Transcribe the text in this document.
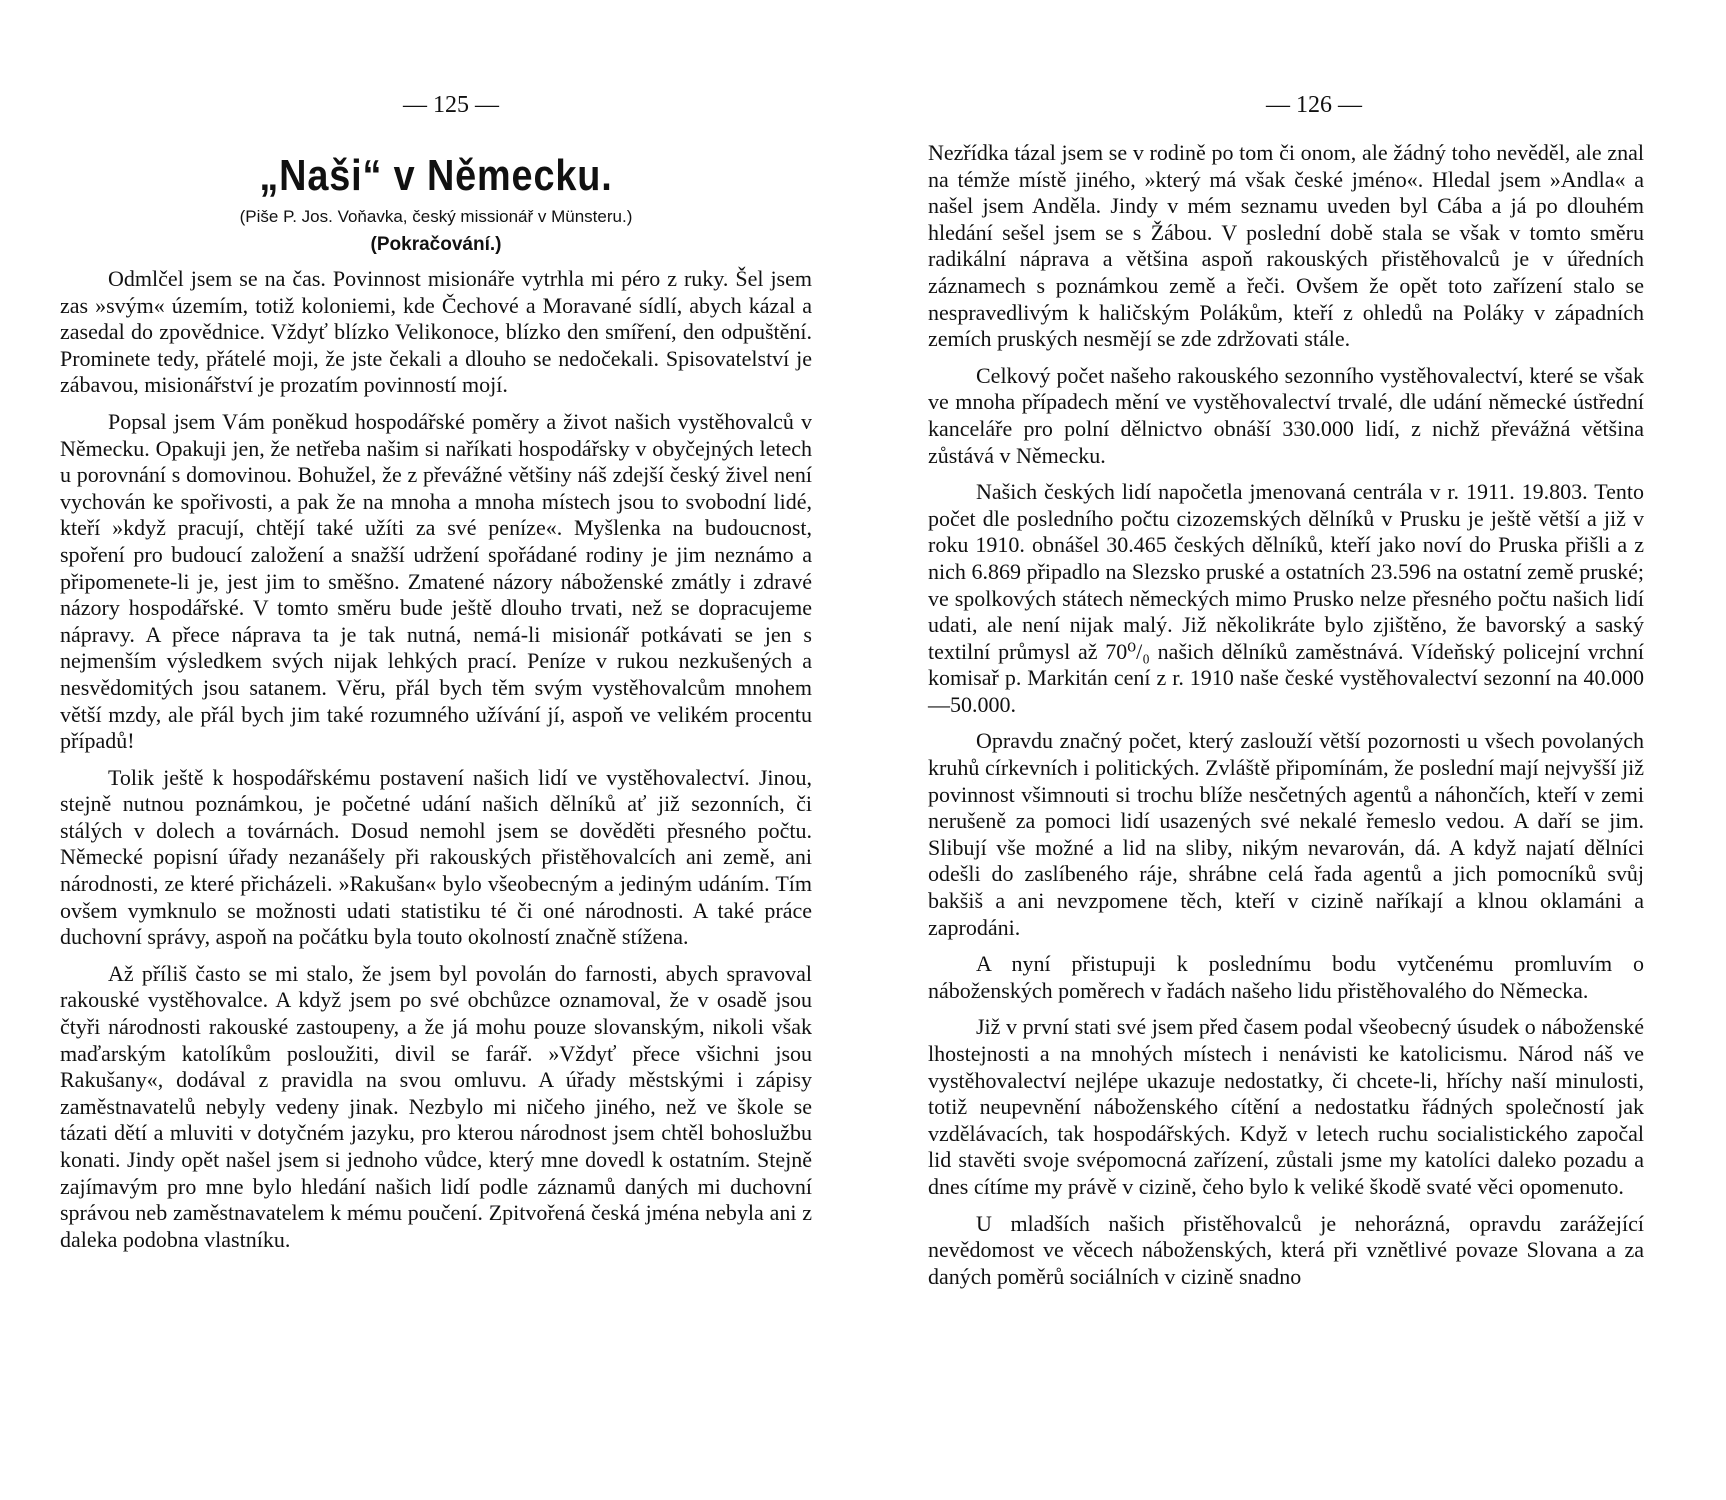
— 125 —
„Naši“ v Německu.
(Piše P. Jos. Voňavka, český missionář v Münsteru.)
(Pokračování.)

Odmlčel jsem se na čas. Povinnost misionáře vytrhla mi péro z ruky. Šel jsem zas »svým« územím, totiž koloniemi, kde Čechové a Moravané sídlí, abych kázal a zasedal do zpovědnice. Vždyť blízko Velikonoce, blízko den smíření, den odpuštění. Prominete tedy, přátelé moji, že jste čekali a dlouho se nedočekali. Spisovatelství je zábavou, misionářství je prozatím povinností mojí.

Popsal jsem Vám poněkud hospodářské poměry a život našich vystěhovalců v Německu. Opakuji jen, že netřeba našim si naříkati hospodářsky v obyčejných letech u porovnání s domovinou. Bohužel, že z převážné většiny náš zdejší český živel není vychován ke spořivosti, a pak že na mnoha a mnoha místech jsou to svobodní lidé, kteří »když pracují, chtějí také užíti za své peníze«. Myšlenka na budoucnost, spoření pro budoucí založení a snažší udržení spořádané rodiny je jim neznámo a připomenete-li je, jest jim to směšno. Zmatené názory náboženské zmátly i zdravé názory hospodářské. V tomto směru bude ještě dlouho trvati, než se dopracujeme nápravy. A přece náprava ta je tak nutná, nemá-li misionář potkávati se jen s nejmenším výsledkem svých nijak lehkých prací. Peníze v rukou nezkušených a nesvědomitých jsou satanem. Věru, přál bych těm svým vystěhovalcům mnohem větší mzdy, ale přál bych jim také rozumného užívání jí, aspoň ve velikém procentu případů!

Tolik ještě k hospodářskému postavení našich lidí ve vystěhovalectví. Jinou, stejně nutnou poznámkou, je početné udání našich dělníků ať již sezonních, či stálých v dolech a továrnách. Dosud nemohl jsem se dověděti přesného počtu. Německé popisní úřady nezanášely při rakouských přistěhovalcích ani země, ani národnosti, ze které přicházeli. »Rakušan« bylo všeobecným a jediným udáním. Tím ovšem vymknulo se možnosti udati statistiku té či oné národnosti. A také práce duchovní správy, aspoň na počátku byla touto okolností značně stížena.

Až příliš často se mi stalo, že jsem byl povolán do farnosti, abych spravoval rakouské vystěhovalce. A když jsem po své obchůzce oznamoval, že v osadě jsou čtyři národnosti rakouské zastoupeny, a že já mohu pouze slovanským, nikoli však maďarským katolíkům posloužiti, divil se farář. »Vždyť přece všichni jsou Rakušany«, dodával z pravidla na svou omluvu. A úřady městskými i zápisy zaměstnavatelů nebyly vedeny jinak. Nezbylo mi ničeho jiného, než ve škole se tázati dětí a mluviti v dotyčném jazyku, pro kterou národnost jsem chtěl bohoslužbu konati. Jindy opět našel jsem si jednoho vůdce, který mne dovedl k ostatním. Stejně zajímavým pro mne bylo hledání našich lidí podle záznamů daných mi duchovní správou neb zaměstnavatelem k mému poučení. Zpitvořená česká jména nebyla ani z daleka podobna vlastníku.

— 126 —

Nezřídka tázal jsem se v rodině po tom či onom, ale žádný toho nevěděl, ale znal na témže místě jiného, »který má však české jméno«. Hledal jsem »Andla« a našel jsem Anděla. Jindy v mém seznamu uveden byl Cába a já po dlouhém hledání sešel jsem se s Žábou. V poslední době stala se však v tomto směru radikální náprava a většina aspoň rakouských přistěhovalců je v úředních záznamech s poznámkou země a řeči. Ovšem že opět toto zařízení stalo se nespravedlivým k haličským Polákům, kteří z ohledů na Poláky v západních zemích pruských nesmějí se zde zdržovati stále.

Celkový počet našeho rakouského sezonního vystěhovalectví, které se však ve mnoha případech mění ve vystěhovalectví trvalé, dle udání německé ústřední kanceláře pro polní dělnictvo obnáší 330.000 lidí, z nichž převážná většina zůstává v Německu.

Našich českých lidí napočetla jmenovaná centrála v r. 1911. 19.803. Tento počet dle posledního počtu cizozemských dělníků v Prusku je ještě větší a již v roku 1910. obnášel 30.465 českých dělníků, kteří jako noví do Pruska přišli a z nich 6.869 připadlo na Slezsko pruské a ostatních 23.596 na ostatní země pruské; ve spolkových státech německých mimo Prusko nelze přesného počtu našich lidí udati, ale není nijak malý. Již několikráte bylo zjištěno, že bavorský a saský textilní průmysl až 70⁰/₀ našich dělníků zaměstnává. Vídeňský policejní vrchní komisař p. Markitán cení z r. 1910 naše české vystěhovalectví sezonní na 40.000—50.000.

Opravdu značný počet, který zaslouží větší pozornosti u všech povolaných kruhů církevních i politických. Zvláště připomínám, že poslední mají nejvyšší již povinnost všimnouti si trochu blíže nesčetných agentů a náhončích, kteří v zemi nerušeně za pomoci lidí usazených své nekalé řemeslo vedou. A daří se jim. Slibují vše možné a lid na sliby, nikým nevarován, dá. A když najatí dělníci odešli do zaslíbeného ráje, shrábne celá řada agentů a jich pomocníků svůj bakšiš a ani nevzpomene těch, kteří v cizině naříkají a klnou oklamáni a zaprodáni.

A nyní přistupuji k poslednímu bodu vytčenému promluvím o náboženských poměrech v řadách našeho lidu přistěhovalého do Německa.

Již v první stati své jsem před časem podal všeobecný úsudek o náboženské lhostejnosti a na mnohých místech i nenávisti ke katolicismu. Národ náš ve vystěhovalectví nejlépe ukazuje nedostatky, či chcete-li, hříchy naší minulosti, totiž neupevnění náboženského cítění a nedostatku řádných společností jak vzdělávacích, tak hospodářských. Když v letech ruchu socialistického započal lid stavěti svoje svépomocná zařízení, zůstali jsme my katolíci daleko pozadu a dnes cítíme my právě v cizině, čeho bylo k veliké škodě svaté věci opomenuto.

U mladších našich přistěhovalců je nehorázná, opravdu zarážející nevědomost ve věcech náboženských, která při vznětlivé povaze Slovana a za daných poměrů sociálních v cizině snadno
